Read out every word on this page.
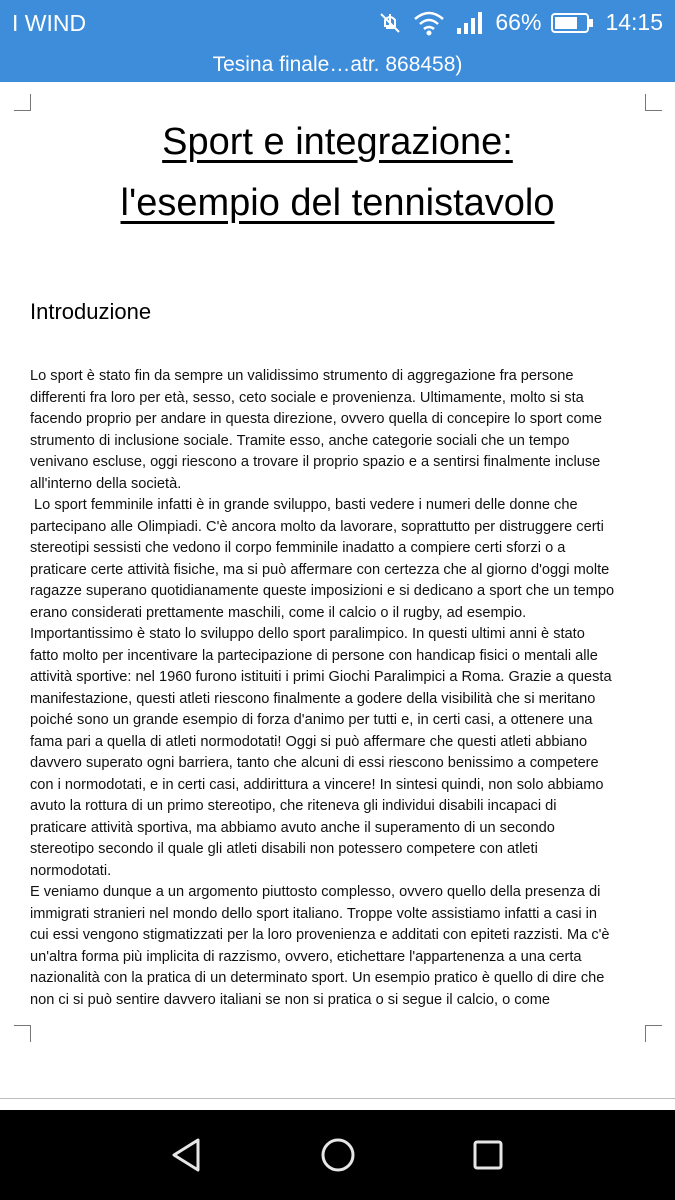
I WIND	66%	14:15
Tesina finale…atr. 868458)
Sport e integrazione:
l'esempio del tennistavolo
Introduzione
Lo sport è stato fin da sempre un validissimo strumento di aggregazione fra persone
differenti fra loro per età, sesso, ceto sociale e provenienza. Ultimamente, molto si sta
facendo proprio per andare in questa direzione, ovvero quella di concepire lo sport come
strumento di inclusione sociale. Tramite esso, anche categorie sociali che un tempo
venivano escluse, oggi riescono a trovare il proprio spazio e a sentirsi finalmente incluse
all'interno della società.
Lo sport femminile infatti è in grande sviluppo, basti vedere i numeri delle donne che
partecipano alle Olimpiadi. C'è ancora molto da lavorare, soprattutto per distruggere certi
stereotipi sessisti che vedono il corpo femminile inadatto a compiere certi sforzi o a
praticare certe attività fisiche, ma si può affermare con certezza che al giorno d'oggi molte
ragazze superano quotidianamente queste imposizioni e si dedicano a sport che un tempo
erano considerati prettamente maschili, come il calcio o il rugby, ad esempio.
Importantissimo è stato lo sviluppo dello sport paralimpico. In questi ultimi anni è stato
fatto molto per incentivare la partecipazione di persone con handicap fisici o mentali alle
attività sportive: nel 1960 furono istituiti i primi Giochi Paralimpici a Roma. Grazie a questa
manifestazione, questi atleti riescono finalmente a godere della visibilità che si meritano
poiché sono un grande esempio di forza d'animo per tutti e, in certi casi, a ottenere una
fama pari a quella di atleti normodotati! Oggi si può affermare che questi atleti abbiano
davvero superato ogni barriera, tanto che alcuni di essi riescono benissimo a competere
con i normodotati, e in certi casi, addirittura a vincere! In sintesi quindi, non solo abbiamo
avuto la rottura di un primo stereotipo, che riteneva gli individui disabili incapaci di
praticare attività sportiva, ma abbiamo avuto anche il superamento di un secondo
stereotipo secondo il quale gli atleti disabili non potessero competere con atleti
normodotati.
E veniamo dunque a un argomento piuttosto complesso, ovvero quello della presenza di
immigrati stranieri nel mondo dello sport italiano. Troppe volte assistiamo infatti a casi in
cui essi vengono stigmatizzati per la loro provenienza e additati con epiteti razzisti. Ma c'è
un'altra forma più implicita di razzismo, ovvero, etichettare l'appartenenza a una certa
nazionalità con la pratica di un determinato sport. Un esempio pratico è quello di dire che
non ci si può sentire davvero italiani se non si pratica o si segue il calcio, o come
